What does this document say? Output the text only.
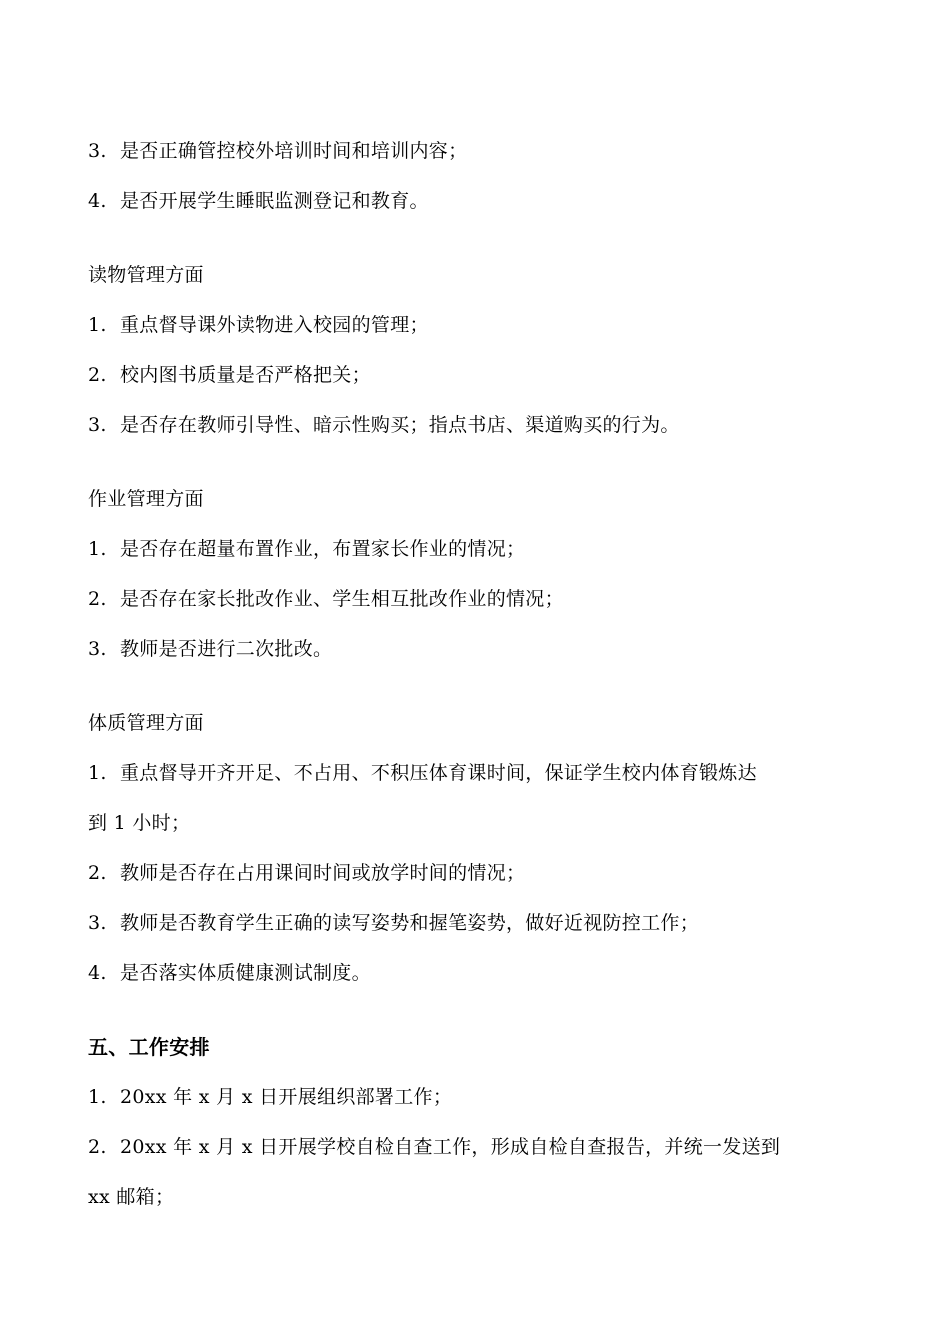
3. 是否正确管控校外培训时间和培训内容；
4. 是否开展学生睡眠监测登记和教育。
读物管理方面
1. 重点督导课外读物进入校园的管理；
2. 校内图书质量是否严格把关；
3. 是否存在教师引导性、暗示性购买；指点书店、渠道购买的行为。
作业管理方面
1. 是否存在超量布置作业，布置家长作业的情况；
2. 是否存在家长批改作业、学生相互批改作业的情况；
3. 教师是否进行二次批改。
体质管理方面
1. 重点督导开齐开足、不占用、不积压体育课时间，保证学生校内体育锻炼达
到 1 小时；
2. 教师是否存在占用课间时间或放学时间的情况；
3. 教师是否教育学生正确的读写姿势和握笔姿势，做好近视防控工作；
4. 是否落实体质健康测试制度。
五、工作安排
1. 20xx 年 x 月 x 日开展组织部署工作；
2. 20xx 年 x 月 x 日开展学校自检自查工作，形成自检自查报告，并统一发送到
xx 邮箱；
